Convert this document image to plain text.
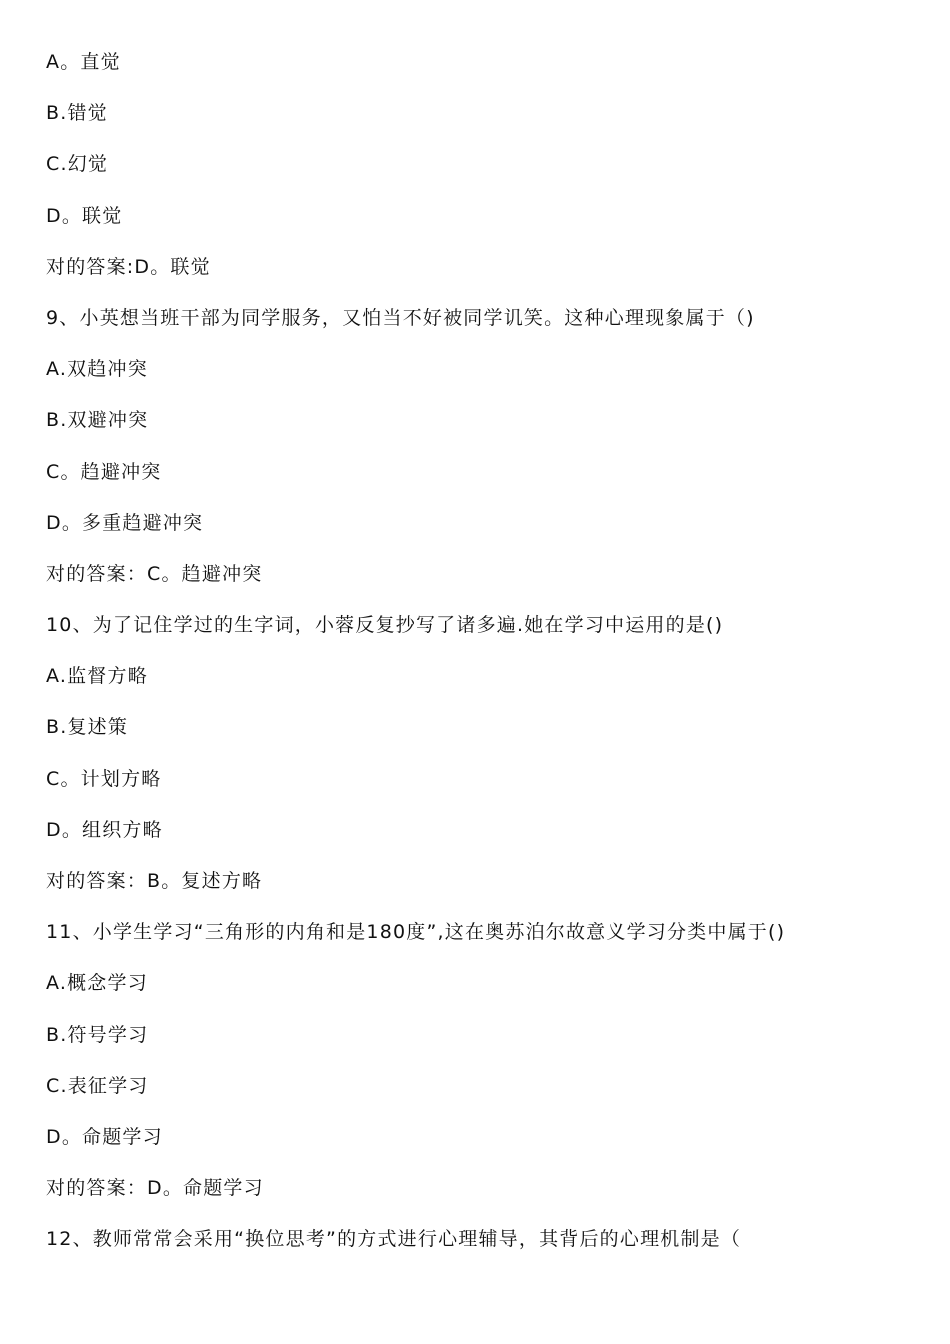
A。直觉
B.错觉
C.幻觉
D。联觉
对的答案:D。联觉
9、小英想当班干部为同学服务，又怕当不好被同学讥笑。这种心理现象属于（)
A.双趋冲突
B.双避冲突
C。趋避冲突
D。多重趋避冲突
对的答案：C。趋避冲突
10、为了记住学过的生字词，小蓉反复抄写了诸多遍.她在学习中运用的是()
A.监督方略
B.复述策
C。计划方略
D。组织方略
对的答案：B。复述方略
11、小学生学习“三角形的内角和是180度”,这在奥苏泊尔故意义学习分类中属于()
A.概念学习
B.符号学习
C.表征学习
D。命题学习
对的答案：D。命题学习
12、教师常常会采用“换位思考”的方式进行心理辅导，其背后的心理机制是（
